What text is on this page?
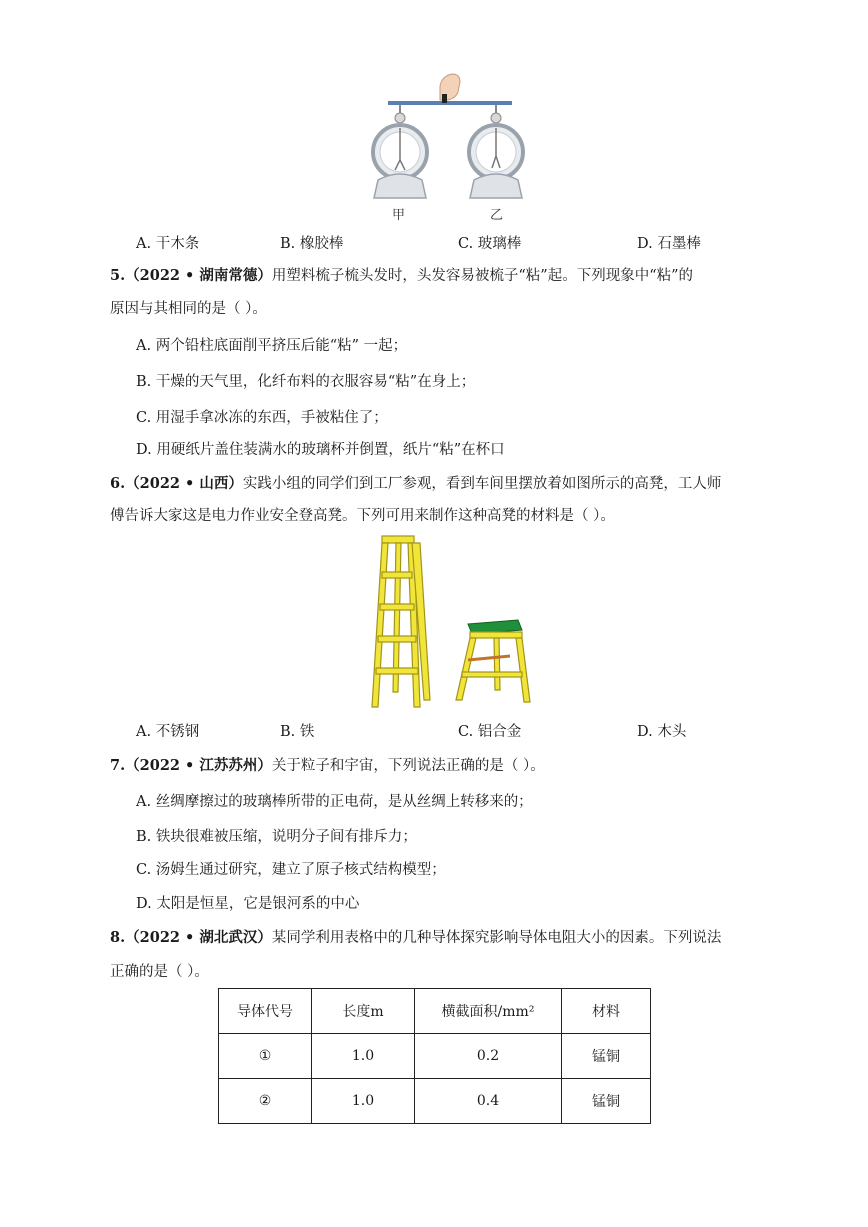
甲	乙
A. 干木条	B. 橡胶棒	C. 玻璃棒	D. 石墨棒
5.（2022 • 湖南常德）用塑料梳子梳头发时，头发容易被梳子“粘”起。下列现象中“粘”的
原因与其相同的是（ ）。
A. 两个铅柱底面削平挤压后能“粘” 一起；
B. 干燥的天气里，化纤布料的衣服容易“粘”在身上；
C. 用湿手拿冰冻的东西，手被粘住了；
D. 用硬纸片盖住装满水的玻璃杯并倒置，纸片“粘”在杯口
6.（2022 • 山西）实践小组的同学们到工厂参观，看到车间里摆放着如图所示的高凳，工人师
傅告诉大家这是电力作业安全登高凳。下列可用来制作这种高凳的材料是（ ）。
A. 不锈钢	B. 铁	C. 铝合金	D. 木头
7.（2022 • 江苏苏州）关于粒子和宇宙，下列说法正确的是（ ）。
A. 丝绸摩擦过的玻璃棒所带的正电荷，是从丝绸上转移来的；
B. 铁块很难被压缩，说明分子间有排斥力；
C. 汤姆生通过研究，建立了原子核式结构模型；
D. 太阳是恒星，它是银河系的中心
8.（2022 • 湖北武汉）某同学利用表格中的几种导体探究影响导体电阻大小的因素。下列说法
正确的是（ ）。
导体代号	长度m	横截面积/mm²	材料
①	1.0	0.2	锰铜
②	1.0	0.4	锰铜
